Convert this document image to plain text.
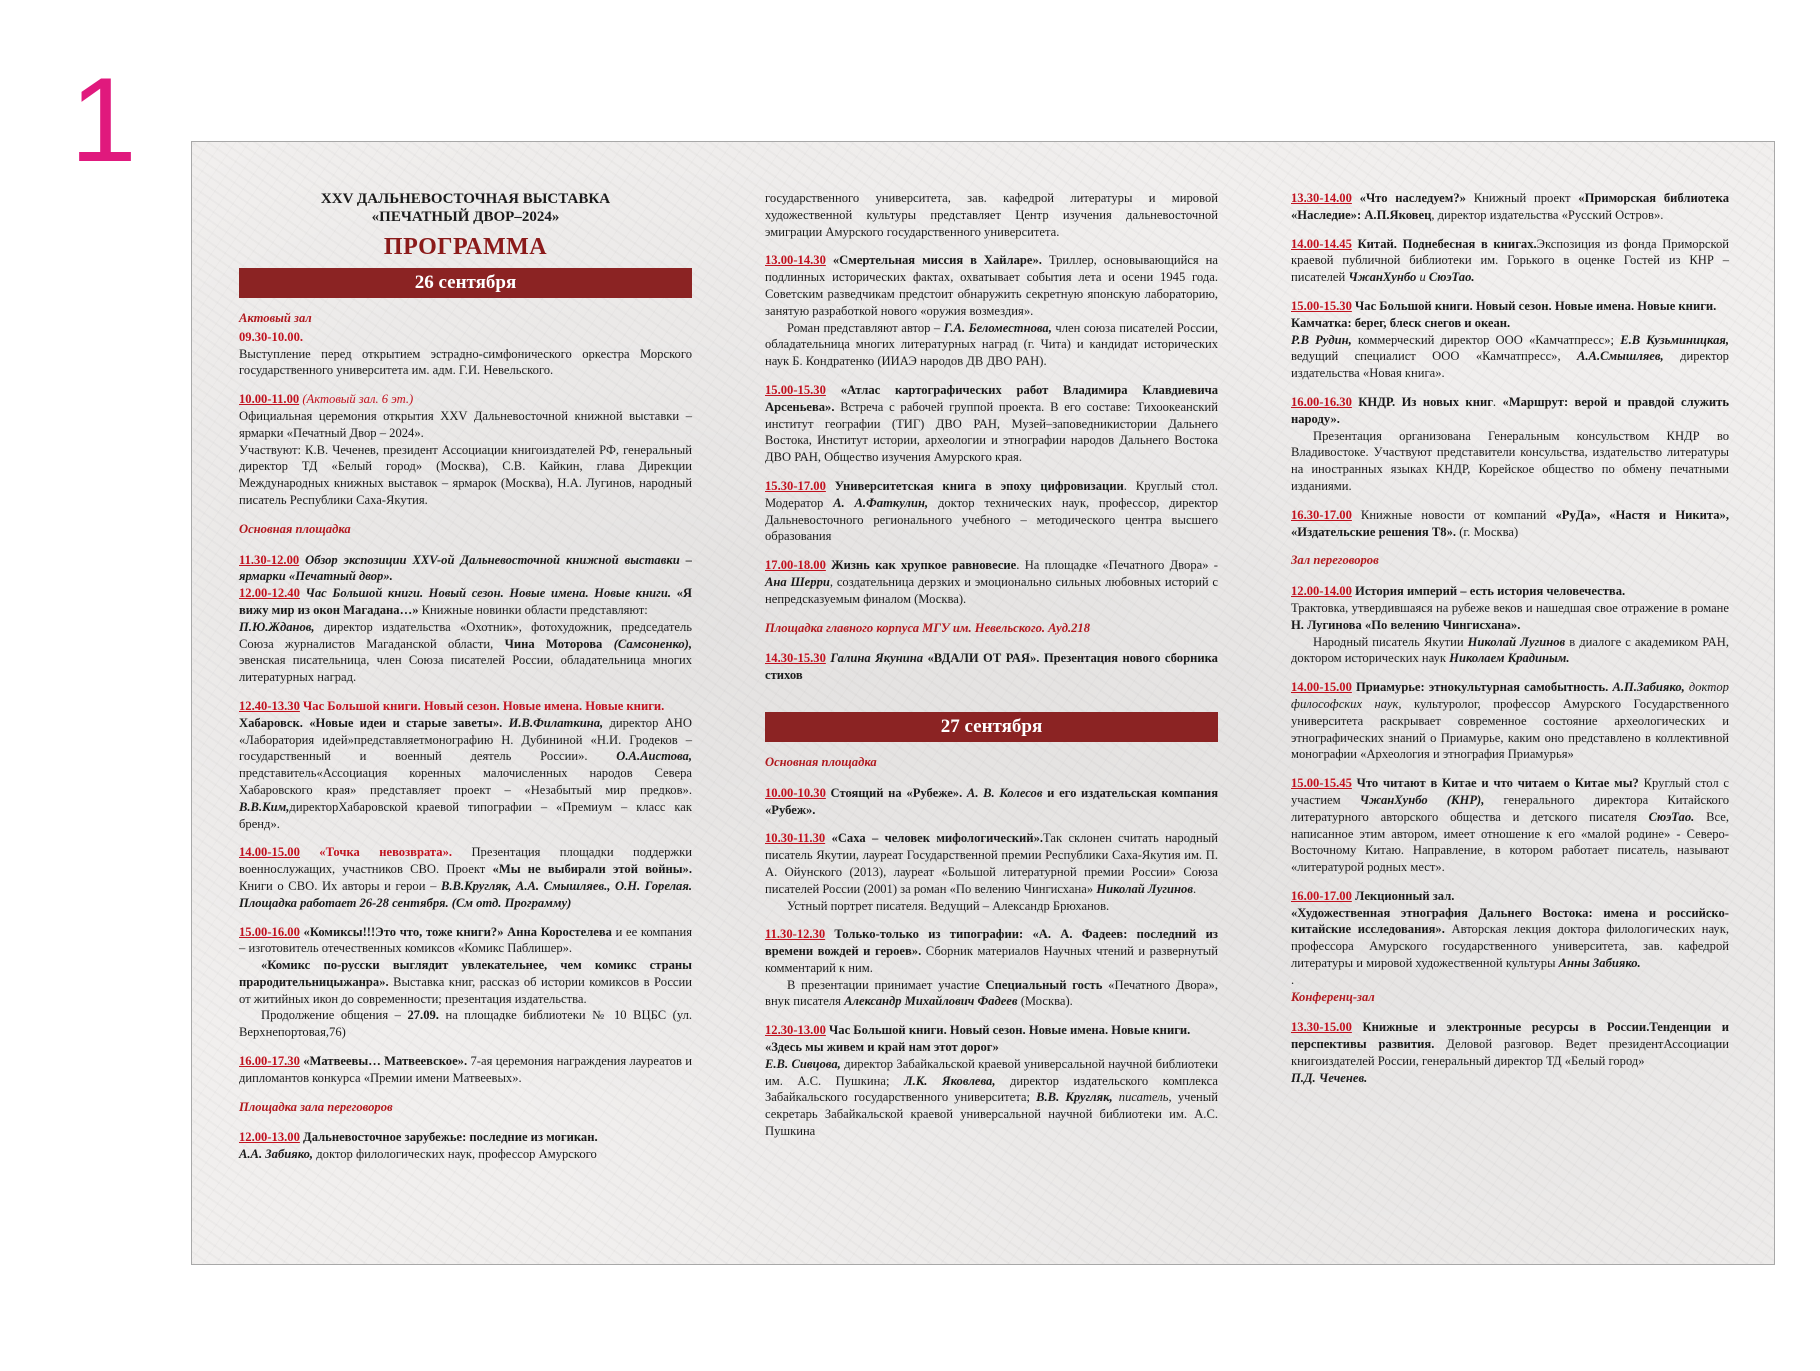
1
XXV ДАЛЬНЕВОСТОЧНАЯ ВЫСТАВКА
«ПЕЧАТНЫЙ ДВОР–2024»
ПРОГРАММА
26 сентября

Актовый зал

09.30-10.00.

Выступление перед открытием эстрадно-симфонического оркестра Морского государственного университета им. адм. Г.И. Невельского.

10.00-11.00 (Актовый зал. 6 эт.)

Официальная церемония открытия XXV Дальневосточной книжной выставки – ярмарки «Печатный Двор – 2024».

Участвуют: К.В. Чеченев, президент Ассоциации книгоиздателей РФ, генеральный директор ТД «Белый город» (Москва), С.В. Кайкин, глава Дирекции Международных книжных выставок – ярмарок (Москва), Н.А. Лугинов, народный писатель Республики Саха-Якутия.

Основная площадка

11.30-12.00 Обзор экспозиции XXV-ой Дальневосточной книжной выставки – ярмарки «Печатный двор».

12.00-12.40 Час Большой книги. Новый сезон. Новые имена. Новые книги. «Я вижу мир из окон Магадана…» Книжные новинки области представляют:

П.Ю.Жданов, директор издательства «Охотник», фотохудожник, председатель Союза журналистов Магаданской области, Чина Моторова (Самсоненко), эвенская писательница, член Союза писателей России, обладательница многих литературных наград.

12.40-13.30 Час Большой книги. Новый сезон. Новые имена. Новые книги.

Хабаровск. «Новые идеи и старые заветы». И.В.Филаткина, директор АНО «Лаборатория идей»представляетмонографию Н. Дубининой «Н.И. Гродеков – государственный и военный деятель России». О.А.Аистова, представитель«Ассоциация коренных малочисленных народов Севера Хабаровского края» представляет проект – «Незабытый мир предков». В.В.Ким,директорХабаровской краевой типографии – «Премиум – класс как бренд».

14.00-15.00 «Точка невозврата». Презентация площадки поддержки военнослужащих, участников СВО. Проект «Мы не выбирали этой войны». Книги о СВО. Их авторы и герои – В.В.Кругляк, А.А. Смышляев., О.Н. Горелая. Площадка работает 26-28 сентября. (См отд. Программу)

15.00-16.00 «Комиксы!!!Это что, тоже книги?» Анна Коростелева и ее компания – изготовитель отечественных комиксов «Комикс Паблишер».

«Комикс по-русски выглядит увлекательнее, чем комикс страны прародительницыжанра». Выставка книг, рассказ об истории комиксов в России от житийных икон до современности; презентация издательства.

Продолжение общения – 27.09. на площадке библиотеки № 10 ВЦБС (ул. Верхнепортовая,76)

16.00-17.30 «Матвеевы… Матвеевское». 7-ая церемония награждения лауреатов и дипломантов конкурса «Премии имени Матвеевых».

Площадка зала переговоров

12.00-13.00 Дальневосточное зарубежье: последние из могикан.

А.А. Забияко, доктор филологических наук, профессор Амурского

государственного университета, зав. кафедрой литературы и мировой художественной культуры представляет Центр изучения дальневосточной эмиграции Амурского государственного университета.

13.00-14.30 «Смертельная миссия в Хайларе». Триллер, основывающийся на подлинных исторических фактах, охватывает события лета и осени 1945 года. Советским разведчикам предстоит обнаружить секретную японскую лабораторию, занятую разработкой нового «оружия возмездия».

Роман представляют автор – Г.А. Беломестнова, член союза писателей России, обладательница многих литературных наград (г. Чита) и кандидат исторических наук Б. Кондратенко (ИИАЭ народов ДВ ДВО РАН).

15.00-15.30 «Атлас картографических работ Владимира Клавдиевича Арсеньева». Встреча с рабочей группой проекта. В его составе: Тихоокеанский институт географии (ТИГ) ДВО РАН, Музей–заповедникистории Дальнего Востока, Институт истории, археологии и этнографии народов Дальнего Востока ДВО РАН, Общество изучения Амурского края.

15.30-17.00 Университетская книга в эпоху цифровизации. Круглый стол. Модератор А. А.Фаткулин, доктор технических наук, профессор, директор Дальневосточного регионального учебного – методического центра высшего образования

17.00-18.00 Жизнь как хрупкое равновесие. На площадке «Печатного Двора» - Ана Шерри, создательница дерзких и эмоционально сильных любовных историй с непредсказуемым финалом (Москва).

Площадка главного корпуса МГУ им. Невельского. Ауд.218

14.30-15.30 Галина Якунина «ВДАЛИ ОТ РАЯ». Презентация нового сборника стихов

27 сентября

Основная площадка

10.00-10.30 Стоящий на «Рубеже». А. В. Колесов и его издательская компания «Рубеж».

10.30-11.30 «Саха – человек мифологический».Так склонен считать народный писатель Якутии, лауреат Государственной премии Республики Саха-Якутия им. П. А. Ойунского (2013), лауреат «Большой литературной премии России» Союза писателей России (2001) за роман «По велению Чингисхана» Николай Лугинов.

Устный портрет писателя. Ведущий – Александр Брюханов.

11.30-12.30 Только-только из типографии: «А. А. Фадеев: последний из времени вождей и героев». Сборник материалов Научных чтений и развернутый комментарий к ним.

В презентации принимает участие Специальный гость «Печатного Двора», внук писателя Александр Михайлович Фадеев (Москва).

12.30-13.00 Час Большой книги. Новый сезон. Новые имена. Новые книги.

«Здесь мы живем и край нам этот дорог»

Е.В. Сивцова, директор Забайкальской краевой универсальной научной библиотеки им. А.С. Пушкина; Л.К. Яковлева, директор издательского комплекса Забайкальского государственного университета; В.В. Кругляк, писатель, ученый секретарь Забайкальской краевой универсальной научной библиотеки им. А.С. Пушкина

13.30-14.00 «Что наследуем?» Книжный проект «Приморская библиотека «Наследие»: А.П.Яковец, директор издательства «Русский Остров».

14.00-14.45 Китай. Поднебесная в книгах.Экспозиция из фонда Приморской краевой публичной библиотеки им. Горького в оценке Гостей из КНР – писателей ЧжанХунбо и СюэТао.

15.00-15.30 Час Большой книги. Новый сезон. Новые имена. Новые книги.

Камчатка: берег, блеск снегов и океан.

Р.В Рудин, коммерческий директор ООО «Камчатпресс»; Е.В Кузьминицкая, ведущий специалист ООО «Камчатпресс», А.А.Смышляев, директор издательства «Новая книга».

16.00-16.30 КНДР. Из новых книг. «Маршрут: верой и правдой служить народу».

Презентация организована Генеральным консульством КНДР во Владивостоке. Участвуют представители консульства, издательство литературы на иностранных языках КНДР, Корейское общество по обмену печатными изданиями.

16.30-17.00 Книжные новости от компаний «РуДа», «Настя и Никита», «Издательские решения Т8». (г. Москва)

Зал переговоров

12.00-14.00 История империй – есть история человечества.

Трактовка, утвердившаяся на рубеже веков и нашедшая свое отражение в романе Н. Лугинова «По велению Чингисхана».

Народный писатель Якутии Николай Лугинов в диалоге с академиком РАН, доктором исторических наук Николаем Крадиным.

14.00-15.00 Приамурье: этнокультурная самобытность. А.П.Забияко, доктор философских наук, культуролог, профессор Амурского Государственного университета раскрывает современное состояние археологических и этнографических знаний о Приамурье, каким оно представлено в коллективной монографии «Археология и этнография Приамурья»

15.00-15.45 Что читают в Китае и что читаем о Китае мы? Круглый стол с участием ЧжанХунбо (КНР), генерального директора Китайского литературного авторского общества и детского писателя СюэТао. Все, написанное этим автором, имеет отношение к его «малой родине» - Северо-Восточному Китаю. Направление, в котором работает писатель, называют «литературой родных мест».

16.00-17.00 Лекционный зал.

«Художественная этнография Дальнего Востока: имена и российско-китайские исследования». Авторская лекция доктора филологических наук, профессора Амурского государственного университета, зав. кафедрой литературы и мировой художественной культуры Анны Забияко.

.

Конференц-зал

13.30-15.00 Книжные и электронные ресурсы в России.Тенденции и перспективы развития. Деловой разговор. Ведет президентАссоциации книгоиздателей России, генеральный директор ТД «Белый город»

П.Д. Чеченев.
